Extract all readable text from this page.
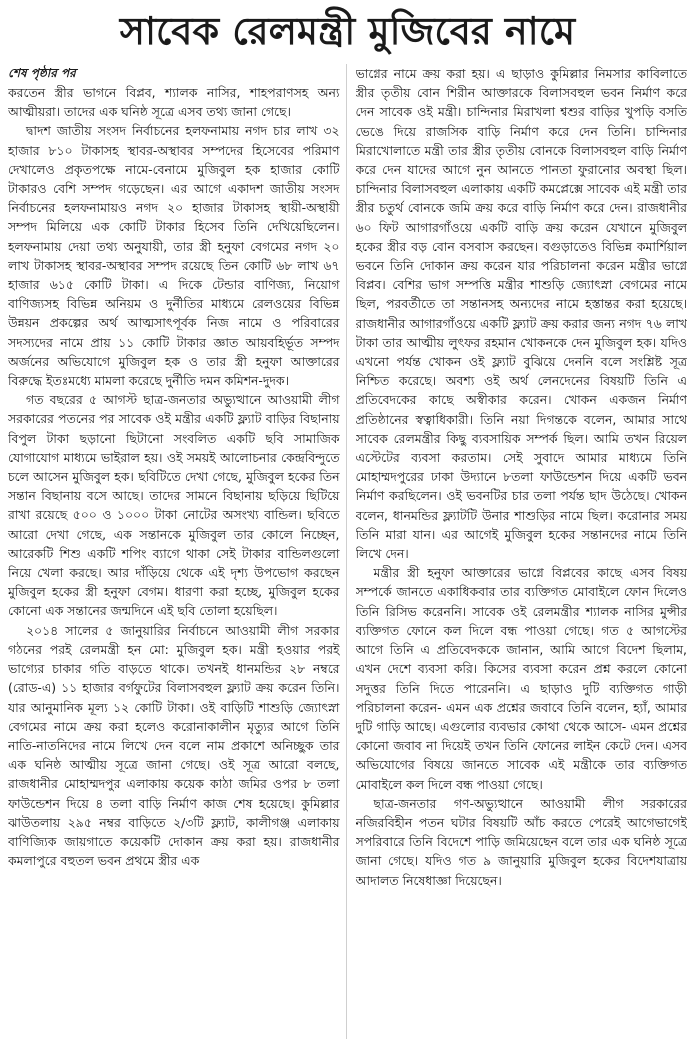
সাবেক রেলমন্ত্রী মুজিবের নামে
শেষ পৃষ্ঠার পর

করতেন স্ত্রীর ভাগনে বিপ্লব, শ্যালক নাসির, শাহপরাণসহ অন্য আত্মীয়রা। তাদের এক ঘনিষ্ঠ সূত্রে এসব তথ্য জানা গেছে।

দ্বাদশ জাতীয় সংসদ নির্বাচনের হলফনামায় নগদ চার লাখ ৩২ হাজার ৮১০ টাকাসহ স্থাবর-অস্থাবর সম্পদের হিসেবের পরিমাণ দেখালেও প্রকৃতপক্ষে নামে-বেনামে মুজিবুল হক হাজার কোটি টাকারও বেশি সম্পদ গড়েছেন। এর আগে একাদশ জাতীয় সংসদ নির্বাচনের হলফনামায়ও নগদ ২০ হাজার টাকাসহ স্থায়ী-অস্থায়ী সম্পদ মিলিয়ে এক কোটি টাকার হিসেব তিনি দেখিয়েছিলেন। হলফনামায় দেয়া তথ্য অনুযায়ী, তার স্ত্রী হনুফা বেগমের নগদ ২০ লাখ টাকাসহ স্থাবর-অস্থাবর সম্পদ রয়েছে তিন কোটি ৬৮ লাখ ৬৭ হাজার ৬১৫ কোটি টাকা। এ দিকে টেন্ডার বাণিজ্য, নিয়োগ বাণিজ্যসহ বিভিন্ন অনিয়ম ও দুর্নীতির মাধ্যমে রেলওয়ের বিভিন্ন উন্নয়ন প্রকল্পের অর্থ আত্মসাৎপূর্বক নিজ নামে ও পরিবারের সদস্যদের নামে প্রায় ১১ কোটি টাকার জ্ঞাত আয়বহির্ভূত সম্পদ অর্জনের অভিযোগে মুজিবুল হক ও তার স্ত্রী হনুফা আক্তারের বিরুদ্ধে ইতঃমধ্যে মামলা করেছে দুর্নীতি দমন কমিশন-দুদক।

গত বছরের ৫ আগস্ট ছাত্র-জনতার অভ্যুত্থানে আওয়ামী লীগ সরকারের পতনের পর সাবেক ওই মন্ত্রীর একটি ফ্ল্যাট বাড়ির বিছানায় বিপুল টাকা ছড়ানো ছিটানো সংবলিত একটি ছবি সামাজিক যোগাযোগ মাধ্যমে ভাইরাল হয়। ওই সময়ই আলোচনার কেন্দ্রবিন্দুতে চলে আসেন মুজিবুল হক। ছবিটিতে দেখা গেছে, মুজিবুল হকের তিন সন্তান বিছানায় বসে আছে। তাদের সামনে বিছানায় ছড়িয়ে ছিটিয়ে রাখা রয়েছে ৫০০ ও ১০০০ টাকা নোটের অসংখ্য বান্ডিল। ছবিতে আরো দেখা গেছে, এক সন্তানকে মুজিবুল তার কোলে নিচ্ছেন, আরেকটি শিশু একটি শপিং ব্যাগে থাকা সেই টাকার বান্ডিলগুলো নিয়ে খেলা করছে। আর দাঁড়িয়ে থেকে এই দৃশ্য উপভোগ করছেন মুজিবুল হকের স্ত্রী হনুফা বেগম। ধারণা করা হচ্ছে, মুজিবুল হকের কোনো এক সন্তানের জন্মদিনে এই ছবি তোলা হয়েছিল।

২০১৪ সালের ৫ জানুয়ারির নির্বাচনে আওয়ামী লীগ সরকার গঠনের পরই রেলমন্ত্রী হন মো: মুজিবুল হক। মন্ত্রী হওয়ার পরই ভাগ্যের চাকার গতি বাড়তে থাকে। তখনই ধানমন্ডির ২৮ নম্বরে (রোড-এ) ১১ হাজার বর্গফুটের বিলাসবহুল ফ্ল্যাট ক্রয় করেন তিনি। যার আনুমানিক মূল্য ১২ কোটি টাকা। ওই বাড়িটি শাশুড়ি জ্যোৎস্না বেগমের নামে ক্রয় করা হলেও করোনাকালীন মৃত্যুর আগে তিনি নাতি-নাতনিদের নামে লিখে দেন বলে নাম প্রকাশে অনিচ্ছুক তার এক ঘনিষ্ঠ আত্মীয় সূত্রে জানা গেছে। ওই সূত্র আরো বলছে, রাজধানীর মোহাম্মদপুর এলাকায় কয়েক কাঠা জমির ওপর ৮ তলা ফাউন্ডেশন দিয়ে ৪ তলা বাড়ি নির্মাণ কাজ শেষ হয়েছে। কুমিল্লার ঝাউতলায় ২৯৫ নম্বর বাড়িতে ২/৩টি ফ্ল্যাট, কালীগঞ্জ এলাকায় বাণিজ্যিক জায়গাতে কয়েকটি দোকান ক্রয় করা হয়। রাজধানীর কমলাপুরে বহুতল ভবন প্রথমে স্ত্রীর এক

ভাগ্নের নামে ক্রয় করা হয়। এ ছাড়াও কুমিল্লার নিমসার কাবিলাতে স্ত্রীর তৃতীয় বোন শিরীন আক্তারকে বিলাসবহুল ভবন নির্মাণ করে দেন সাবেক ওই মন্ত্রী। চান্দিনার মিরাখলা শ্বশুর বাড়ির খুপড়ি বসতি ভেঙে দিয়ে রাজসিক বাড়ি নির্মাণ করে দেন তিনি। চান্দিনার মিরাখোলাতে মন্ত্রী তার স্ত্রীর তৃতীয় বোনকে বিলাসবহুল বাড়ি নির্মাণ করে দেন যাদের আগে নুন আনতে পানতা ফুরানোর অবস্থা ছিল। চান্দিনার বিলাসবহুল এলাকায় একটি কমপ্লেক্সে সাবেক এই মন্ত্রী তার স্ত্রীর চতুর্থ বোনকে জমি ক্রয় করে বাড়ি নির্মাণ করে দেন। রাজধানীর ৬০ ফিট আগারগাঁওয়ে একটি বাড়ি ক্রয় করেন যেখানে মুজিবুল হকের স্ত্রীর বড় বোন বসবাস করছেন। বগুড়াতেও বিভিন্ন কমার্শিয়াল ভবনে তিনি দোকান ক্রয় করেন যার পরিচালনা করেন মন্ত্রীর ভাগ্নে বিপ্লব। বেশির ভাগ সম্পত্তি মন্ত্রীর শাশুড়ি জ্যোৎস্না বেগমের নামে ছিল, পরবর্তীতে তা সন্তানসহ অন্যদের নামে হস্তান্তর করা হয়েছে। রাজধানীর আগারগাঁওয়ে একটি ফ্ল্যাট ক্রয় করার জন্য নগদ ৭৬ লাখ টাকা তার আত্মীয় লুৎফর রহমান খোকনকে দেন মুজিবুল হক। যদিও এখনো পর্যন্ত খোকন ওই ফ্ল্যাট বুঝিয়ে দেননি বলে সংশ্লিষ্ট সূত্র নিশ্চিত করেছে। অবশ্য ওই অর্থ লেনদেনের বিষয়টি তিনি এ প্রতিবেদকের কাছে অস্বীকার করেন। খোকন একজন নির্মাণ প্রতিষ্ঠানের স্বত্বাধিকারী। তিনি নয়া দিগন্তকে বলেন, আমার সাথে সাবেক রেলমন্ত্রীর কিছু ব্যবসায়িক সম্পর্ক ছিল। আমি তখন রিয়েল এস্টেটের ব্যবসা করতাম। সেই সুবাদে আমার মাধ্যমে তিনি মোহাম্মদপুরের ঢাকা উদ্যানে ৮তলা ফাউন্ডেশন দিয়ে একটি ভবন নির্মাণ করছিলেন। ওই ভবনটির চার তলা পর্যন্ত ছাদ উঠেছে। খোকন বলেন, ধানমন্ডির ফ্ল্যাটটি উনার শাশুড়ির নামে ছিল। করোনার সময় তিনি মারা যান। এর আগেই মুজিবুল হকের সন্তানদের নামে তিনি লিখে দেন।

মন্ত্রীর স্ত্রী হনুফা আক্তারের ভাগ্নে বিপ্লবের কাছে এসব বিষয় সম্পর্কে জানতে একাধিকবার তার ব্যক্তিগত মোবাইলে ফোন দিলেও তিনি রিসিভ করেননি। সাবেক ওই রেলমন্ত্রীর শ্যালক নাসির মুন্সীর ব্যক্তিগত ফোনে কল দিলে বন্ধ পাওয়া গেছে। গত ৫ আগস্টের আগে তিনি এ প্রতিবেদককে জানান, আমি আগে বিদেশ ছিলাম, এখন দেশে ব্যবসা করি। কিসের ব্যবসা করেন প্রশ্ন করলে কোনো সদুত্তর তিনি দিতে পারেননি। এ ছাড়াও দুটি ব্যক্তিগত গাড়ী পরিচালনা করেন- এমন এক প্রশ্নের জবাবে তিনি বলেন, হ্যাঁ, আমার দুটি গাড়ি আছে। এগুলোর ব্যবভার কোথা থেকে আসে- এমন প্রশ্নের কোনো জবাব না দিয়েই তখন তিনি ফোনের লাইন কেটে দেন। এসব অভিযোগের বিষয়ে জানতে সাবেক এই মন্ত্রীকে তার ব্যক্তিগত মোবাইলে কল দিলে বন্ধ পাওয়া গেছে।

ছাত্র-জনতার গণ-অভ্যুত্থানে আওয়ামী লীগ সরকারের নজিরবিহীন পতন ঘটার বিষয়টি আঁচ করতে পেরেই আগেভাগেই সপরিবারে তিনি বিদেশে পাড়ি জমিয়েছেন বলে তার এক ঘনিষ্ঠ সূত্রে জানা গেছে। যদিও গত ৯ জানুয়ারি মুজিবুল হকের বিদেশযাত্রায় আদালত নিষেধাজ্ঞা দিয়েছেন।
